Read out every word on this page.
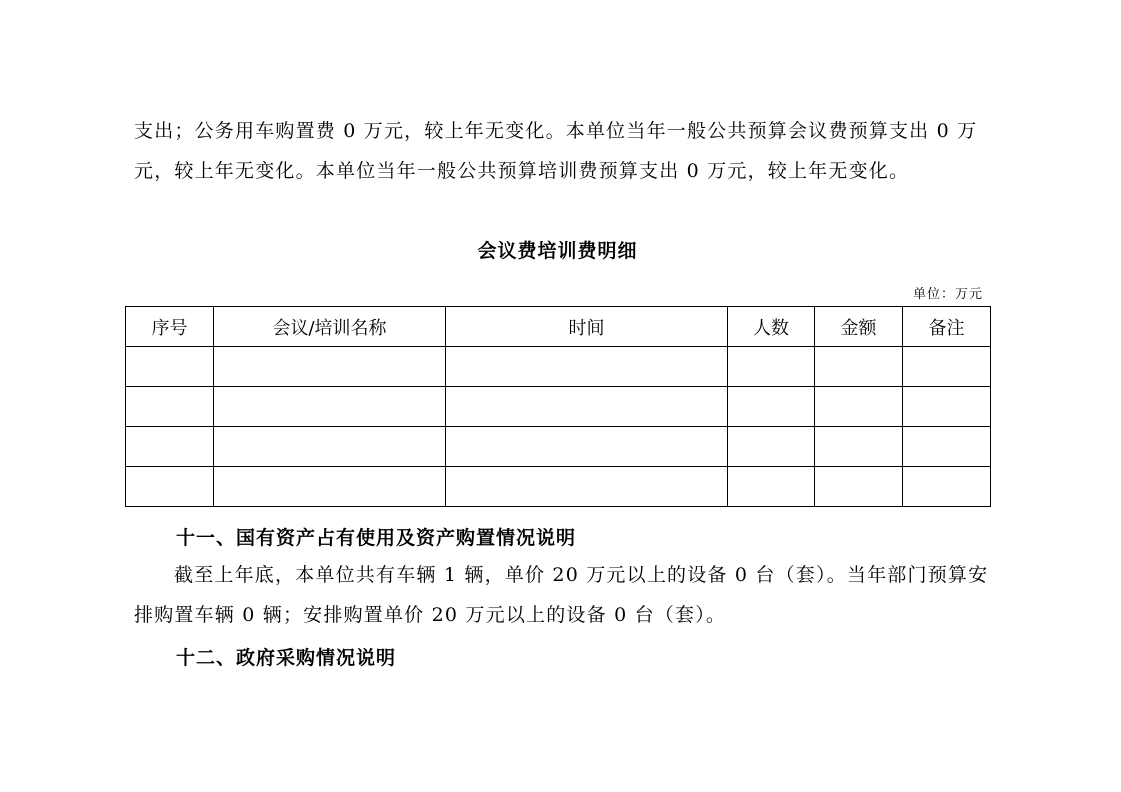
支出；公务用车购置费 0 万元，较上年无变化。本单位当年一般公共预算会议费预算支出 0 万
元，较上年无变化。本单位当年一般公共预算培训费预算支出 0 万元，较上年无变化。
会议费培训费明细
单位：万元
序号	会议/培训名称	时间	人数	金额	备注

十一、国有资产占有使用及资产购置情况说明
截至上年底，本单位共有车辆 1 辆，单价 20 万元以上的设备 0 台（套）。当年部门预算安
排购置车辆 0 辆；安排购置单价 20 万元以上的设备 0 台（套）。
十二、政府采购情况说明
